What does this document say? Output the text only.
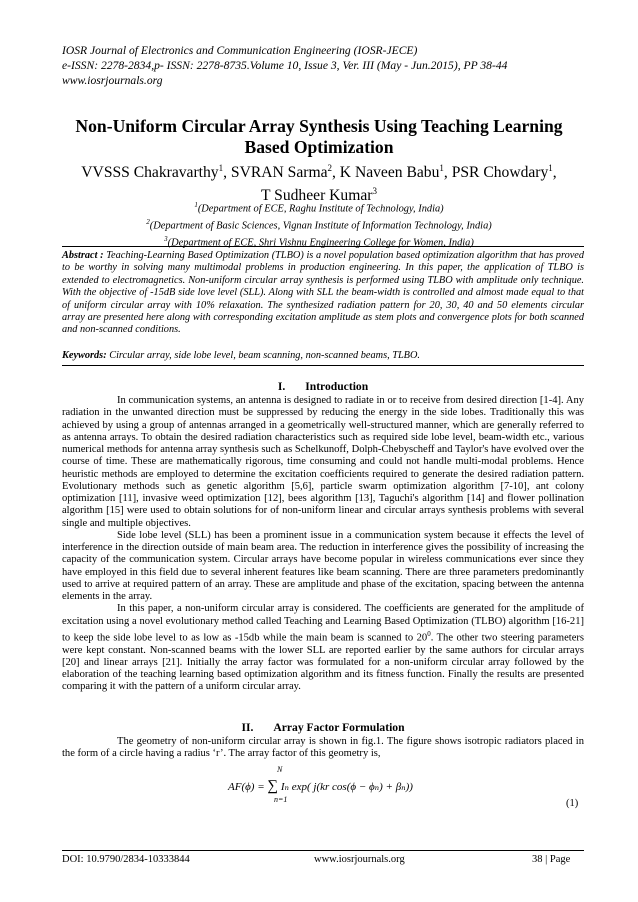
IOSR Journal of Electronics and Communication Engineering (IOSR-JECE)
e-ISSN: 2278-2834,p- ISSN: 2278-8735.Volume 10, Issue 3, Ver. III (May - Jun.2015), PP 38-44
www.iosrjournals.org
Non-Uniform Circular Array Synthesis Using Teaching Learning Based Optimization
VVSSS Chakravarthy$^1$, SVRAN Sarma$^2$, K Naveen Babu$^1$, PSR Chowdary$^1$,
T Sudheer Kumar$^3$
$^1$(Department of ECE, Raghu Institute of Technology, India)
$^2$(Department of Basic Sciences, Vignan Institute of Information Technology, India)
$^3$(Department of ECE, Shri Vishnu Engineering College for Women, India)
Abstract : Teaching-Learning Based Optimization (TLBO) is a novel population based optimization algorithm that has proved to be worthy in solving many multimodal problems in production engineering. In this paper, the application of TLBO is extended to electromagnetics. Non-uniform circular array synthesis is performed using TLBO with amplitude only technique. With the objective of -15dB side love level (SLL). Along with SLL the beam-width is controlled and almost made equal to that of uniform circular array with 10% relaxation. The synthesized radiation pattern for 20, 30, 40 and 50 elements circular array are presented here along with corresponding excitation amplitude as stem plots and convergence plots for both scanned and non-scanned conditions.
Keywords: Circular array, side lobe level, beam scanning, non-scanned beams, TLBO.
I. Introduction

In communication systems, an antenna is designed to radiate in or to receive from desired direction [1-4]. Any radiation in the unwanted direction must be suppressed by reducing the energy in the side lobes. Traditionally this was achieved by using a group of antennas arranged in a geometrically well-structured manner, which are generally referred to as antenna arrays. To obtain the desired radiation characteristics such as required side lobe level, beam-width etc., various numerical methods for antenna array synthesis such as Schelkunoff, Dolph-Chebyscheff and Taylor's have evolved over the course of time. These are mathematically rigorous, time consuming and could not handle multi-modal problems. Hence heuristic methods are employed to determine the excitation coefficients required to generate the desired radiation pattern. Evolutionary methods such as genetic algorithm [5,6], particle swarm optimization algorithm [7-10], ant colony optimization [11], invasive weed optimization [12], bees algorithm [13], Taguchi's algorithm [14] and flower pollination algorithm [15] were used to obtain solutions for of non-uniform linear and circular arrays synthesis problems with several single and multiple objectives.

Side lobe level (SLL) has been a prominent issue in a communication system because it effects the level of interference in the direction outside of main beam area. The reduction in interference gives the possibility of increasing the capacity of the communication system. Circular arrays have become popular in wireless communications ever since they have employed in this field due to several inherent features like beam scanning. There are three parameters predominantly used to arrive at required pattern of an array. These are amplitude and phase of the excitation, spacing between the antenna elements in the array.

In this paper, a non-uniform circular array is considered. The coefficients are generated for the amplitude of excitation using a novel evolutionary method called Teaching and Learning Based Optimization (TLBO) algorithm [16-21] to keep the side lobe level to as low as -15db while the main beam is scanned to $20^0$. The other two steering parameters were kept constant. Non-scanned beams with the lower SLL are reported earlier by the same authors for circular arrays [20] and linear arrays [21]. Initially the array factor was formulated for a non-uniform circular array followed by the elaboration of the teaching learning based optimization algorithm and its fitness function. Finally the results are presented comparing it with the pattern of a uniform circular array.

II. Array Factor Formulation

The geometry of non-uniform circular array is shown in fig.1. The figure shows isotropic radiators placed in the form of a circle having a radius ‘r’. The array factor of this geometry is,

N
AF(ϕ) = ∑ Iₙ exp( j(kr cos(ϕ − ϕₙ) + βₙ))
n=1	(1)
DOI: 10.9790/2834-10333844	www.iosrjournals.org	38 | Page
